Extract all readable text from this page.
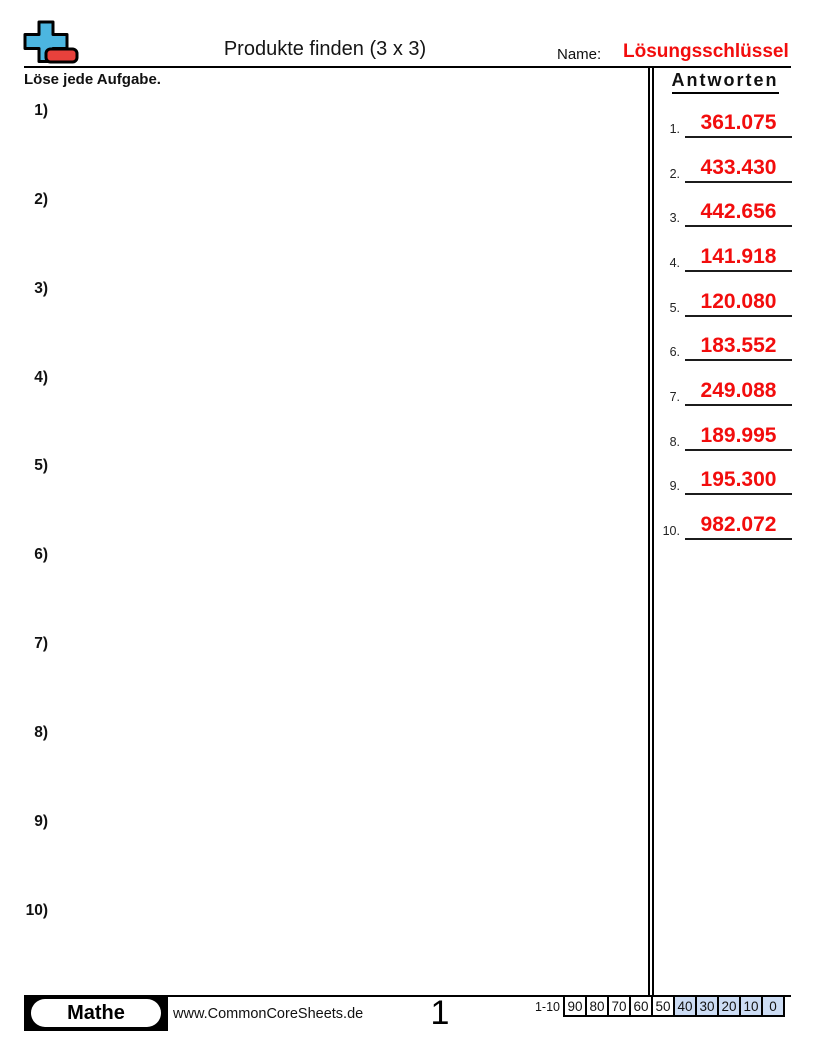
Produkte finden (3 x 3)	Name: Lösungsschlüssel
Löse jede Aufgabe.
1)
2)
3)
4)
5)
6)
7)
8)
9)
10)
Antworten
1. 361.075
2. 433.430
3. 442.656
4. 141.918
5. 120.080
6. 183.552
7. 249.088
8. 189.995
9. 195.300
10. 982.072
Mathe	www.CommonCoreSheets.de	1	1-10 90 80 70 60 50 40 30 20 10 0
